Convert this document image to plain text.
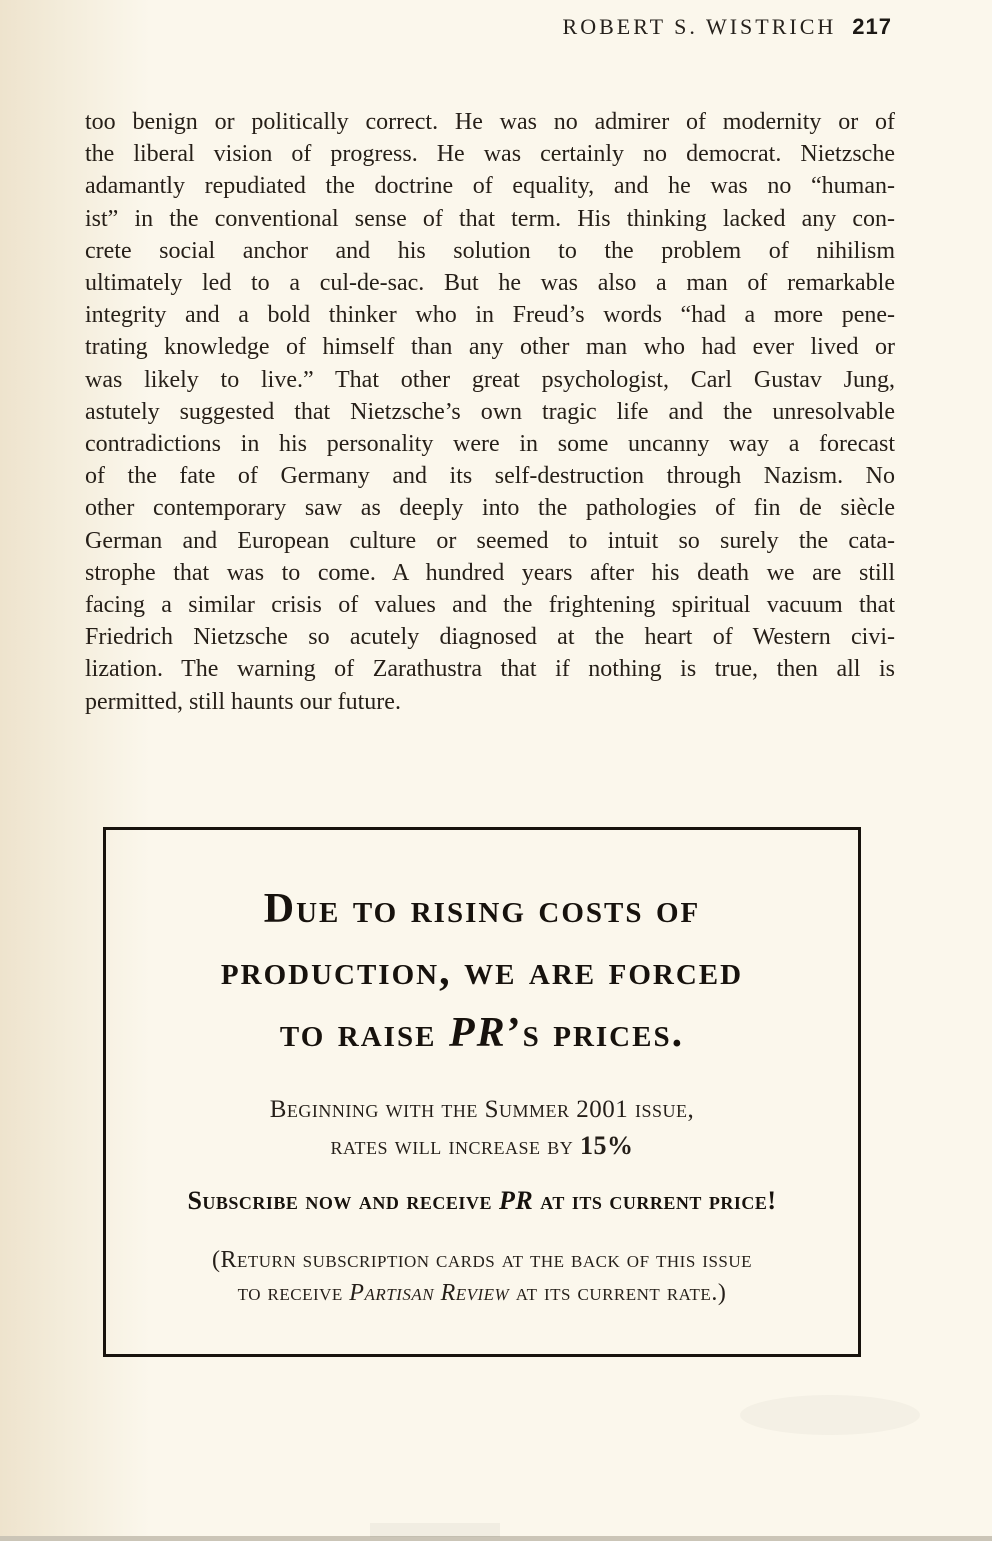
ROBERT S. WISTRICH 217
too benign or politically correct. He was no admirer of modernity or of
the liberal vision of progress. He was certainly no democrat. Nietzsche
adamantly repudiated the doctrine of equality, and he was no “human-
ist” in the conventional sense of that term. His thinking lacked any con-
crete social anchor and his solution to the problem of nihilism
ultimately led to a cul-de-sac. But he was also a man of remarkable
integrity and a bold thinker who in Freud’s words “had a more pene-
trating knowledge of himself than any other man who had ever lived or
was likely to live.” That other great psychologist, Carl Gustav Jung,
astutely suggested that Nietzsche’s own tragic life and the unresolvable
contradictions in his personality were in some uncanny way a forecast
of the fate of Germany and its self-destruction through Nazism. No
other contemporary saw as deeply into the pathologies of fin de siècle
German and European culture or seemed to intuit so surely the cata-
strophe that was to come. A hundred years after his death we are still
facing a similar crisis of values and the frightening spiritual vacuum that
Friedrich Nietzsche so acutely diagnosed at the heart of Western civi-
lization. The warning of Zarathustra that if nothing is true, then all is
permitted, still haunts our future.
Due to rising costs of
production, we are forced
to raise PR’s prices.
Beginning with the Summer 2001 issue,
rates will increase by 15%
Subscribe now and receive PR at its current price!
(Return subscription cards at the back of this issue
to receive Partisan Review at its current rate.)
